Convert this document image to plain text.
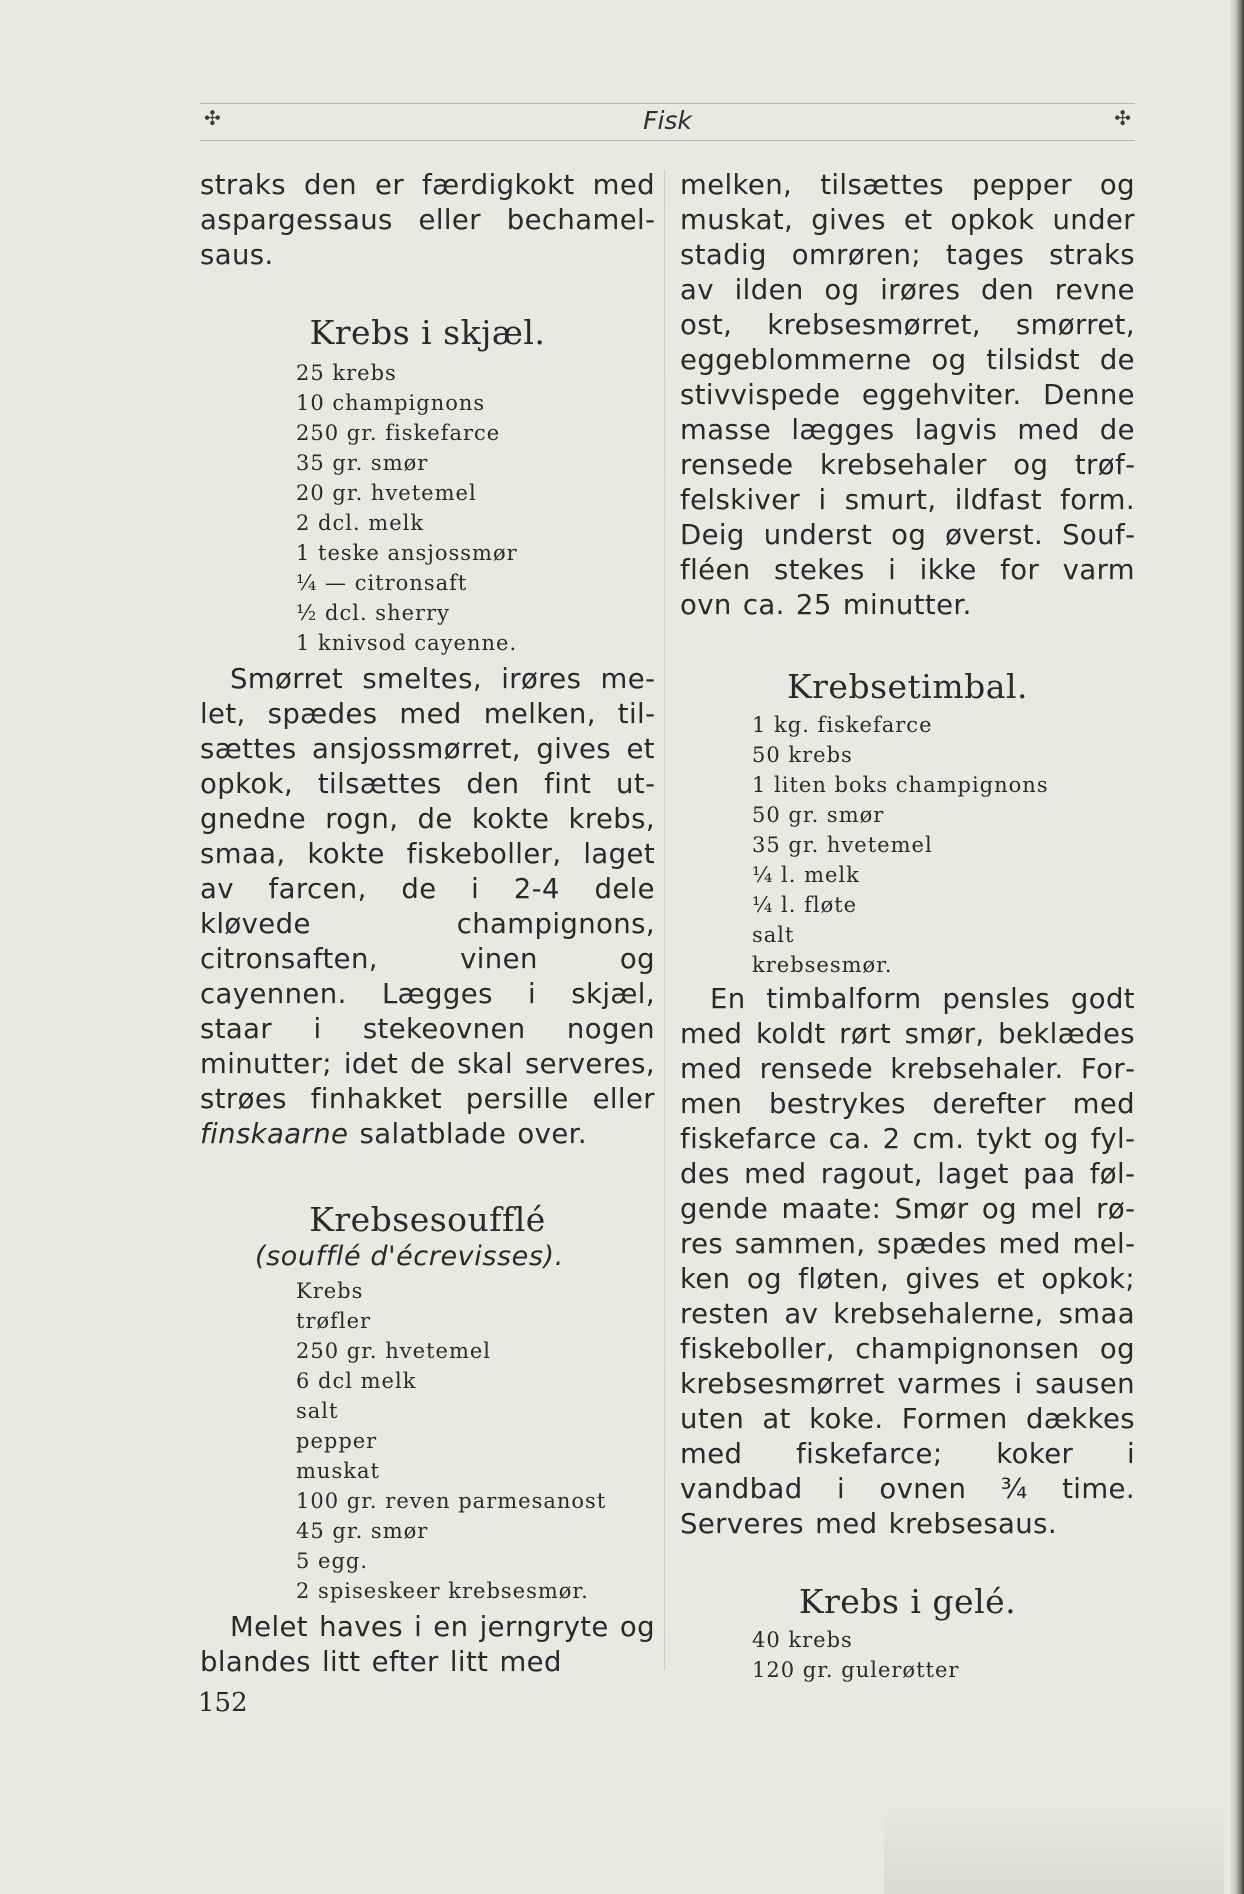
✣	Fisk	✣

straks den er færdigkokt med aspargessaus eller bechamelsaus.

Krebs i skjæl.
25 krebs
10 champignons
250 gr. fiskefarce
35 gr. smør
20 gr. hvetemel
2 dcl. melk
1 teske ansjossmør
¼ — citronsaft
½ dcl. sherry
1 knivsod cayenne.

Smørret smeltes, irøres melet, spædes med melken, tilsættes ansjossmørret, gives et opkok, tilsættes den fint utgnedne rogn, de kokte krebs, smaa, kokte fiskeboller, laget av farcen, de i 2-4 dele kløvede champignons, citronsaften, vinen og cayennen. Lægges i skjæl, staar i stekeovnen nogen minutter; idet de skal serveres, strøes finhakket persille eller finskaarne salatblade over.

Krebsesoufflé
(soufflé d'écrevisses).
Krebs
trøfler
250 gr. hvetemel
6 dcl melk
salt
pepper
muskat
100 gr. reven parmesanost
45 gr. smør
5 egg.
2 spiseskeer krebsesmør.

Melet haves i en jerngryte og blandes litt efter litt med

melken, tilsættes pepper og muskat, gives et opkok under stadig omrøren; tages straks av ilden og irøres den revne ost, krebsesmørret, smørret, eggeblommerne og tilsidst de stivvispede eggehviter. Denne masse lægges lagvis med de rensede krebsehaler og trøffelskiver i smurt, ildfast form. Deig underst og øverst. Souffléen stekes i ikke for varm ovn ca. 25 minutter.

Krebsetimbal.
1 kg. fiskefarce
50 krebs
1 liten boks champignons
50 gr. smør
35 gr. hvetemel
¼ l. melk
¼ l. fløte
salt
krebsesmør.

En timbalform pensles godt med koldt rørt smør, beklædes med rensede krebsehaler. Formen bestrykes derefter med fiskefarce ca. 2 cm. tykt og fyldes med ragout, laget paa følgende maate: Smør og mel røres sammen, spædes med melken og fløten, gives et opkok; resten av krebsehalerne, smaa fiskeboller, champignonsen og krebsesmørret varmes i sausen uten at koke. Formen dækkes med fiskefarce; koker i vandbad i ovnen ¾ time. Serveres med krebsesaus.

Krebs i gelé.
40 krebs
120 gr. gulerøtter
152
